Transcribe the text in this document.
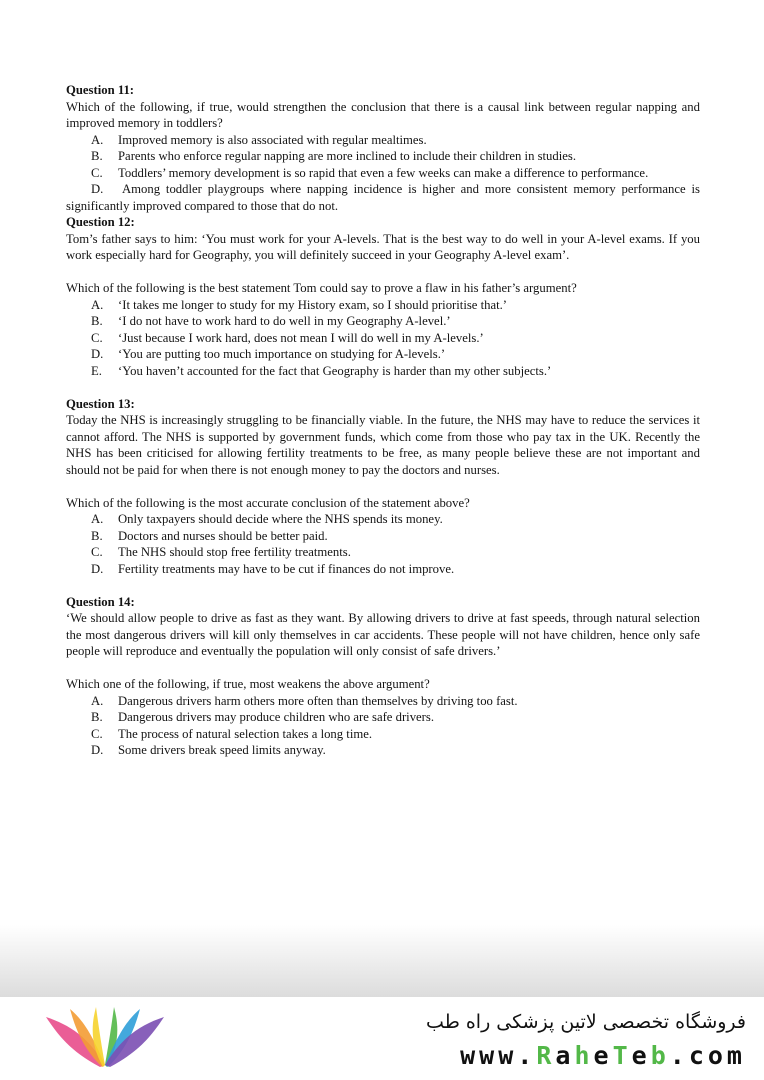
Question 11:

Which of the following, if true, would strengthen the conclusion that there is a causal link between regular napping and improved memory in toddlers?

A.	Improved memory is also associated with regular mealtimes.
B.	Parents who enforce regular napping are more inclined to include their children in studies.
C.	Toddlers’ memory development is so rapid that even a few weeks can make a difference to performance.
D. Among toddler playgroups where napping incidence is higher and more consistent memory performance is significantly improved compared to those that do not.
Question 12:

Tom’s father says to him: ‘You must work for your A-levels. That is the best way to do well in your A-level exams. If you work especially hard for Geography, you will definitely succeed in your Geography A-level exam’.

Which of the following is the best statement Tom could say to prove a flaw in his father’s argument?

A.	‘It takes me longer to study for my History exam, so I should prioritise that.’
B.	‘I do not have to work hard to do well in my Geography A-level.’
C.	‘Just because I work hard, does not mean I will do well in my A-levels.’
D.	‘You are putting too much importance on studying for A-levels.’
E.	‘You haven’t accounted for the fact that Geography is harder than my other subjects.’
Question 13:

Today the NHS is increasingly struggling to be financially viable. In the future, the NHS may have to reduce the services it cannot afford. The NHS is supported by government funds, which come from those who pay tax in the UK. Recently the NHS has been criticised for allowing fertility treatments to be free, as many people believe these are not important and should not be paid for when there is not enough money to pay the doctors and nurses.

Which of the following is the most accurate conclusion of the statement above?

A.	Only taxpayers should decide where the NHS spends its money.
B.	Doctors and nurses should be better paid.
C.	The NHS should stop free fertility treatments.
D.	Fertility treatments may have to be cut if finances do not improve.
Question 14:

‘We should allow people to drive as fast as they want. By allowing drivers to drive at fast speeds, through natural selection the most dangerous drivers will kill only themselves in car accidents. These people will not have children, hence only safe people will reproduce and eventually the population will only consist of safe drivers.’

Which one of the following, if true, most weakens the above argument?

A.	Dangerous drivers harm others more often than themselves by driving too fast.
B.	Dangerous drivers may produce children who are safe drivers.
C.	The process of natural selection takes a long time.
D.	Some drivers break speed limits anyway.
فروشگاه تخصصی لاتین پزشکی راه طب
www.RaheTeb.com
